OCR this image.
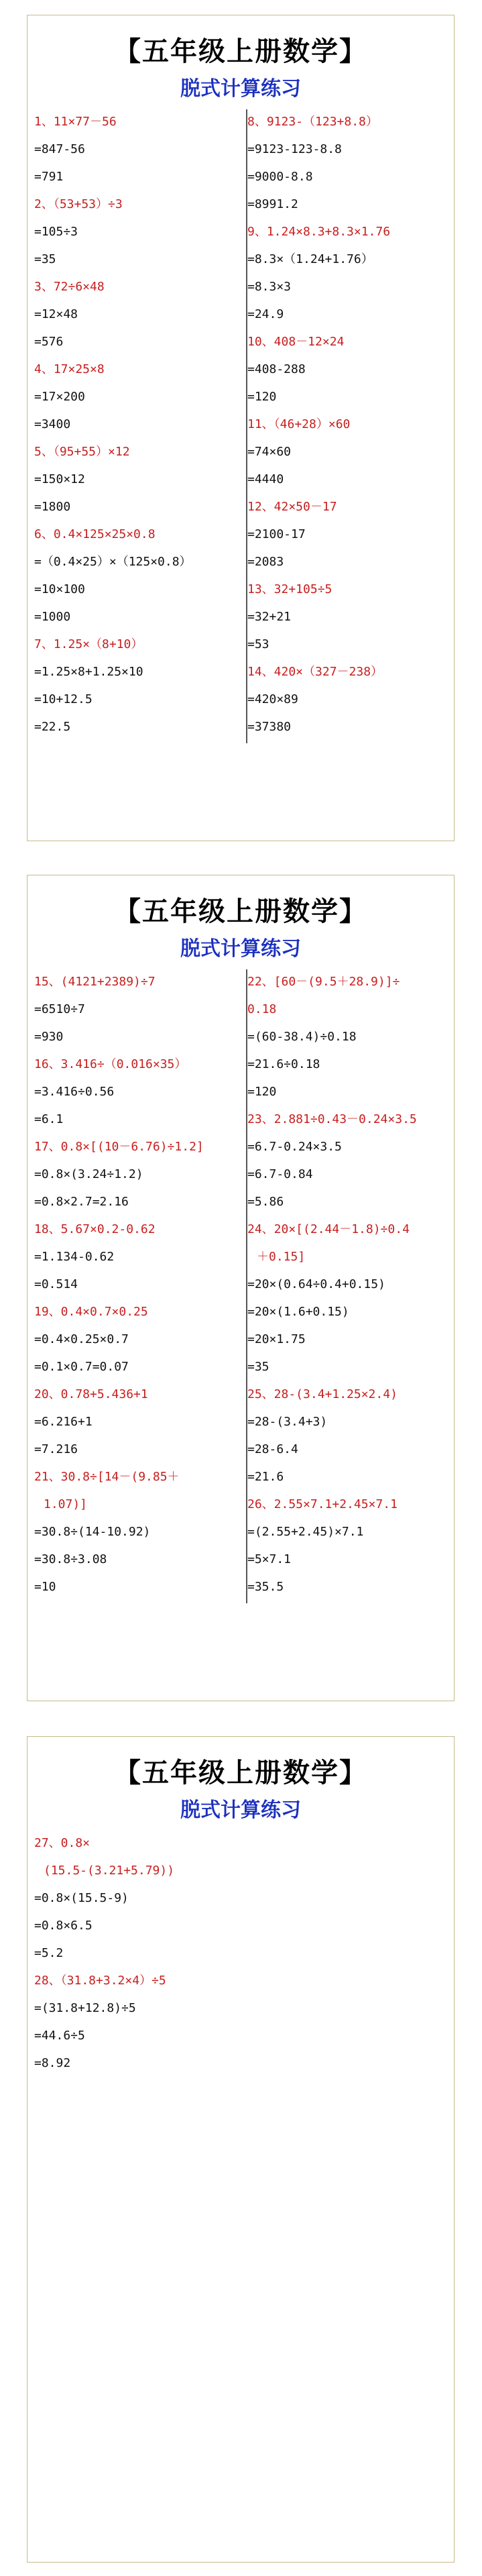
【五年级上册数学】
脱式计算练习
1、11×77－56
=847-56
=791
2、（53+53）÷3
=105÷3
=35
3、72÷6×48
=12×48
=576
4、17×25×8
=17×200
=3400
5、（95+55）×12
=150×12
=1800
6、0.4×125×25×0.8
=（0.4×25）×（125×0.8）
=10×100
=1000
7、1.25×（8+10）
=1.25×8+1.25×10
=10+12.5
=22.5
8、9123-（123+8.8）
=9123-123-8.8
=9000-8.8
=8991.2
9、1.24×8.3+8.3×1.76
=8.3×（1.24+1.76）
=8.3×3
=24.9
10、408－12×24
=408-288
=120
11、（46+28）×60
=74×60
=4440
12、42×50－17
=2100-17
=2083
13、32+105÷5
=32+21
=53
14、420×（327－238）
=420×89
=37380
【五年级上册数学】
脱式计算练习
15、(4121+2389)÷7
=6510÷7
=930
16、3.416÷（0.016×35）
=3.416÷0.56
=6.1
17、0.8×[(10－6.76)÷1.2]
=0.8×(3.24÷1.2)
=0.8×2.7=2.16
18、5.67×0.2-0.62
=1.134-0.62
=0.514
19、0.4×0.7×0.25
=0.4×0.25×0.7
=0.1×0.7=0.07
20、0.78+5.436+1
=6.216+1
=7.216
21、30.8÷[14－(9.85＋
1.07)]
=30.8÷(14-10.92)
=30.8÷3.08
=10
22、[60－(9.5＋28.9)]÷
0.18
=(60-38.4)÷0.18
=21.6÷0.18
=120
23、2.881÷0.43－0.24×3.5
=6.7-0.24×3.5
=6.7-0.84
=5.86
24、20×[(2.44－1.8)÷0.4
＋0.15]
=20×(0.64÷0.4+0.15)
=20×(1.6+0.15)
=20×1.75
=35
25、28-(3.4+1.25×2.4)
=28-(3.4+3)
=28-6.4
=21.6
26、2.55×7.1+2.45×7.1
=(2.55+2.45)×7.1
=5×7.1
=35.5
【五年级上册数学】
脱式计算练习
27、0.8×
(15.5-(3.21+5.79))
=0.8×(15.5-9)
=0.8×6.5
=5.2
28、（31.8+3.2×4）÷5
=(31.8+12.8)÷5
=44.6÷5
=8.92
